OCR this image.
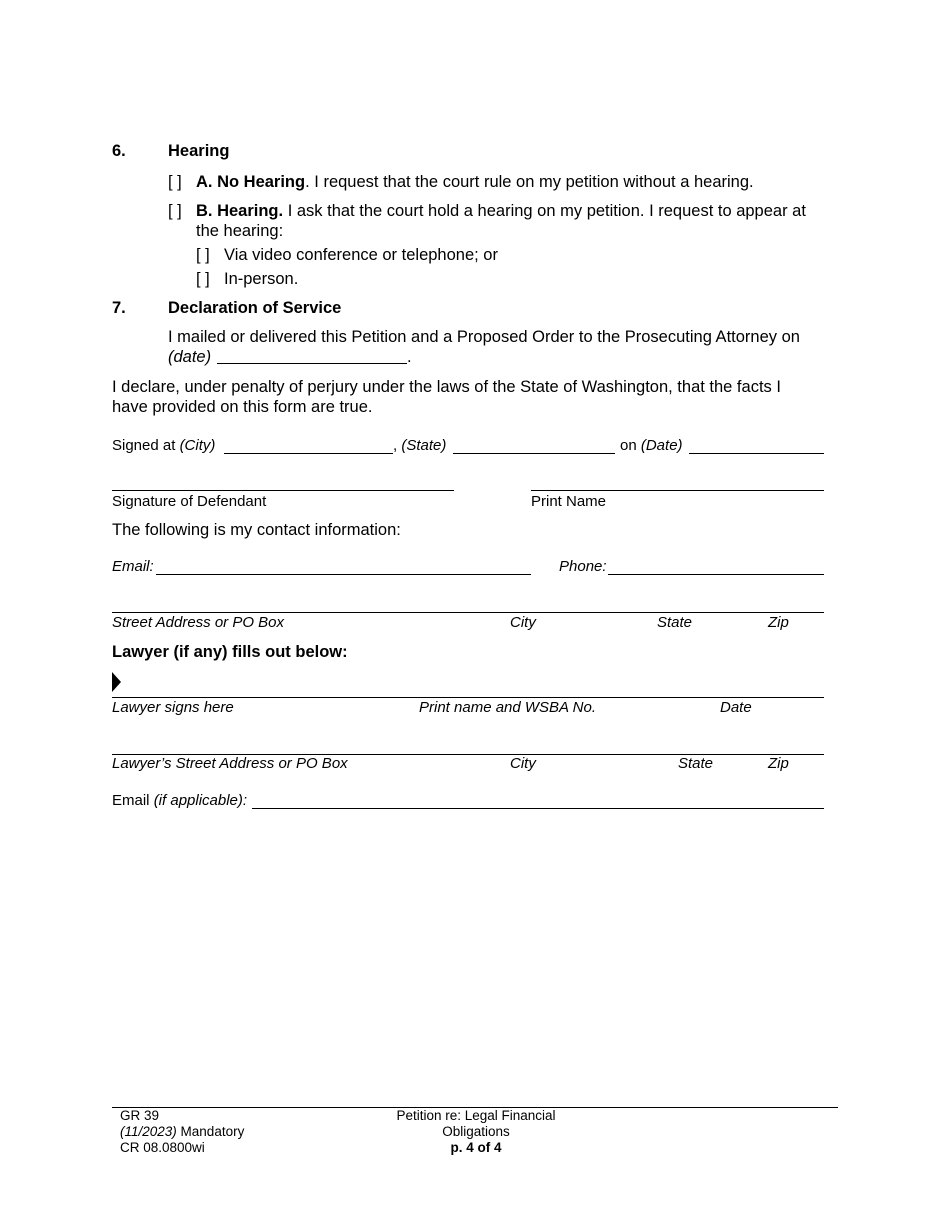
6.	Hearing
[ ] A. No Hearing. I request that the court rule on my petition without a hearing.
[ ] B. Hearing. I ask that the court hold a hearing on my petition. I request to appear at
the hearing:
[ ] Via video conference or telephone; or
[ ] In-person.
7.	Declaration of Service
I mailed or delivered this Petition and a Proposed Order to the Prosecuting Attorney on
(date)	.
I declare, under penalty of perjury under the laws of the State of Washington, that the facts I
have provided on this form are true.
Signed at (City)	, (State)	on (Date)
Signature of Defendant	Print Name
The following is my contact information:
Email:	Phone:
Street Address or PO Box	City	State	Zip
Lawyer (if any) fills out below:
Lawyer signs here	Print name and WSBA No.	Date
Lawyer’s Street Address or PO Box	City	State	Zip
Email (if applicable):
GR 39
(11/2023) Mandatory
CR 08.0800wi
Petition re: Legal Financial
Obligations
p. 4 of 4
